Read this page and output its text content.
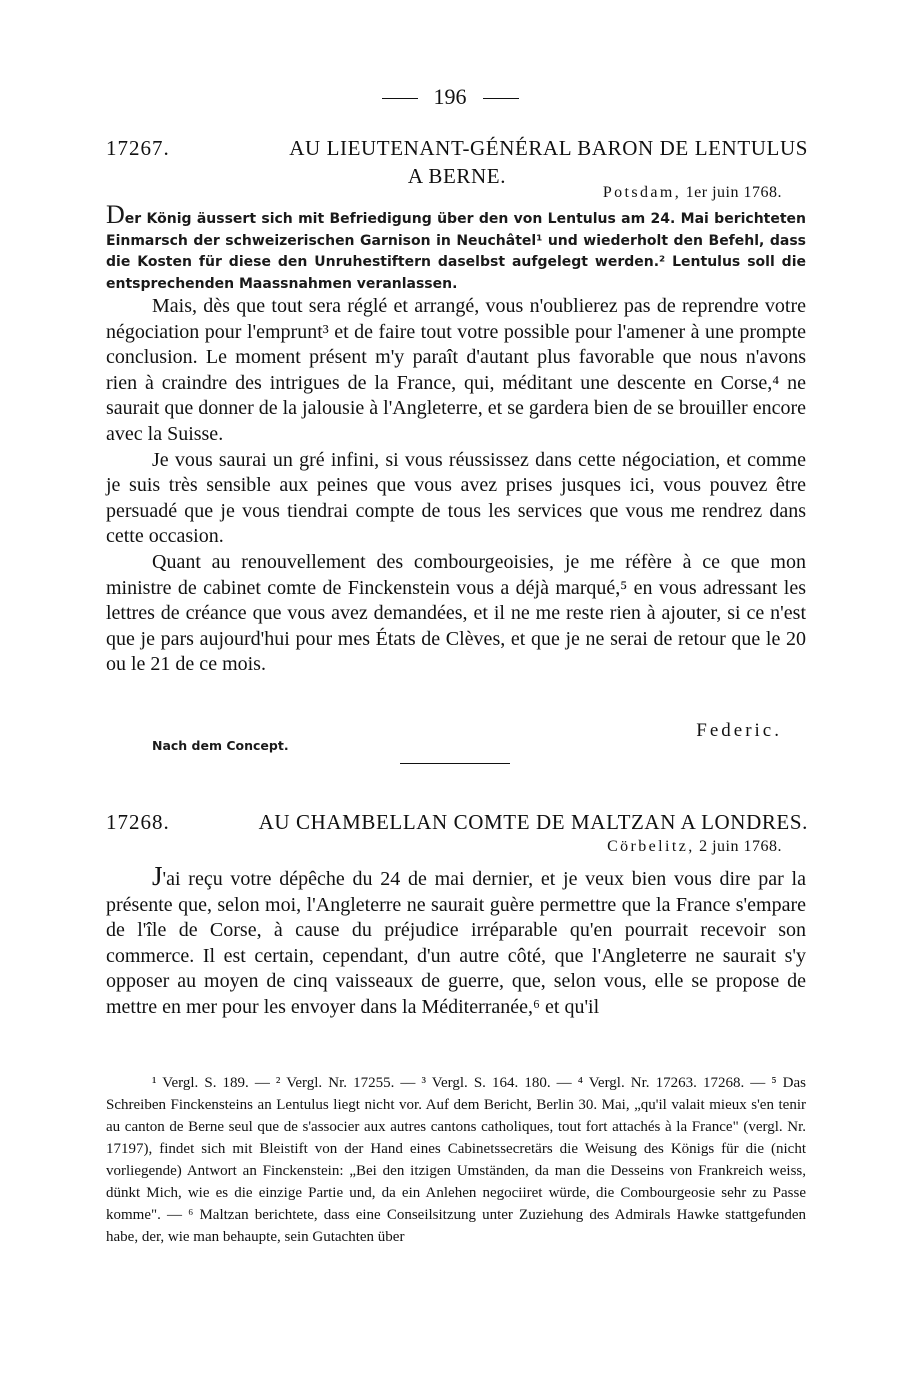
196
17267.	AU LIEUTENANT-GÉNÉRAL BARON DE LENTULUS
A BERNE.
Potsdam, 1er juin 1768.
Der König äussert sich mit Befriedigung über den von Lentulus am 24. Mai berichteten Einmarsch der schweizerischen Garnison in Neuchâtel¹ und wiederholt den Befehl, dass die Kosten für diese den Unruhestiftern daselbst aufgelegt werden.² Lentulus soll die entsprechenden Maassnahmen veranlassen.

Mais, dès que tout sera réglé et arrangé, vous n'oublierez pas de reprendre votre négociation pour l'emprunt³ et de faire tout votre possible pour l'amener à une prompte conclusion. Le moment présent m'y paraît d'autant plus favorable que nous n'avons rien à craindre des intrigues de la France, qui, méditant une descente en Corse,⁴ ne saurait que donner de la jalousie à l'Angleterre, et se gardera bien de se brouiller encore avec la Suisse.

Je vous saurai un gré infini, si vous réussissez dans cette négociation, et comme je suis très sensible aux peines que vous avez prises jusques ici, vous pouvez être persuadé que je vous tiendrai compte de tous les services que vous me rendrez dans cette occasion.

Quant au renouvellement des combourgeoisies, je me réfère à ce que mon ministre de cabinet comte de Finckenstein vous a déjà marqué,⁵ en vous adressant les lettres de créance que vous avez demandées, et il ne me reste rien à ajouter, si ce n'est que je pars aujourd'hui pour mes États de Clèves, et que je ne serai de retour que le 20 ou le 21 de ce mois.

Federic.
Nach dem Concept.
17268.	AU CHAMBELLAN COMTE DE MALTZAN A LONDRES.
Cörbelitz, 2 juin 1768.

J'ai reçu votre dépêche du 24 de mai dernier, et je veux bien vous dire par la présente que, selon moi, l'Angleterre ne saurait guère permettre que la France s'empare de l'île de Corse, à cause du préjudice irréparable qu'en pourrait recevoir son commerce. Il est certain, cependant, d'un autre côté, que l'Angleterre ne saurait s'y opposer au moyen de cinq vaisseaux de guerre, que, selon vous, elle se propose de mettre en mer pour les envoyer dans la Méditerranée,⁶ et qu'il

¹ Vergl. S. 189. — ² Vergl. Nr. 17255. — ³ Vergl. S. 164. 180. — ⁴ Vergl. Nr. 17263. 17268. — ⁵ Das Schreiben Finckensteins an Lentulus liegt nicht vor. Auf dem Bericht, Berlin 30. Mai, „qu'il valait mieux s'en tenir au canton de Berne seul que de s'associer aux autres cantons catholiques, tout fort attachés à la France" (vergl. Nr. 17197), findet sich mit Bleistift von der Hand eines Cabinetssecretärs die Weisung des Königs für die (nicht vorliegende) Antwort an Finckenstein: „Bei den itzigen Umständen, da man die Desseins von Frankreich weiss, dünkt Mich, wie es die einzige Partie und, da ein Anlehen negociiret würde, die Combourgeosie sehr zu Passe komme". — ⁶ Maltzan berichtete, dass eine Conseilsitzung unter Zuziehung des Admirals Hawke stattgefunden habe, der, wie man behaupte, sein Gutachten über
